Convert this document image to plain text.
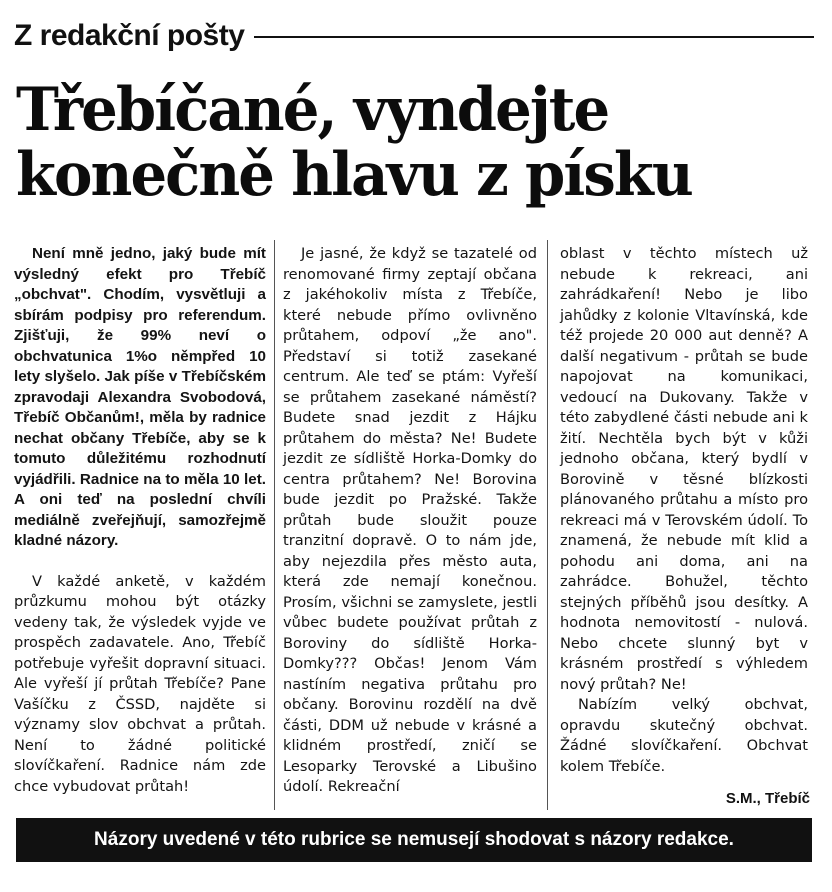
Z redakční pošty
Třebíčané, vyndejte
konečně hlavu z písku

Není mně jedno, jaký bude mít výsledný efekt pro Třebíč „obchvat". Chodím, vysvětluji a sbírám podpisy pro referendum. Zjišťuji, že 99% neví o obchvatunica 1%o němpřed 10 lety slyšelo. Jak píše v Třebíčském zpravodaji Alexandra Svobodová, Třebíč Občanům!, měla by radnice nechat občany Třebíče, aby se k tomuto důležitému rozhodnutí vyjádřili. Radnice na to měla 10 let. A oni teď na poslední chvíli mediálně zveřejňují, samozřejmě kladné názory.

V každé anketě, v každém průzkumu mohou být otázky vedeny tak, že výsledek vyjde ve prospěch zadavatele. Ano, Třebíč potřebuje vyřešit dopravní situaci. Ale vyřeší jí průtah Třebíče? Pane Vašíčku z ČSSD, najděte si významy slov obchvat a průtah. Není to žádné politické slovíčkaření. Radnice nám zde chce vybudovat průtah!

Je jasné, že když se tazatelé od renomované firmy zeptají občana z jakéhokoliv místa z Třebíče, které nebude přímo ovlivněno průtahem, odpoví „že ano". Představí si totiž zasekané centrum. Ale teď se ptám: Vyřeší se průtahem zasekané náměstí? Budete snad jezdit z Hájku průtahem do města? Ne! Budete jezdit ze sídliště Horka-Domky do centra průtahem? Ne! Borovina bude jezdit po Pražské. Takže průtah bude sloužit pouze tranzitní dopravě. O to nám jde, aby nejezdila přes město auta, která zde nemají konečnou. Prosím, všichni se zamyslete, jestli vůbec budete používat průtah z Boroviny do sídliště Horka-Domky??? Občas! Jenom Vám nastíním negativa průtahu pro občany. Borovinu rozdělí na dvě části, DDM už nebude v krásné a klidném prostředí, zničí se Lesoparky Terovské a Libušino údolí. Rekreační

oblast v těchto místech už nebude k rekreaci, ani zahrádkaření! Nebo je libo jahůdky z kolonie Vltavínská, kde též projede 20 000 aut denně? A další negativum - průtah se bude napojovat na komunikaci, vedoucí na Dukovany. Takže v této zabydlené části nebude ani k žití. Nechtěla bych být v kůži jednoho občana, který bydlí v Borovině v těsné blízkosti plánovaného průtahu a místo pro rekreaci má v Terovském údolí. To znamená, že nebude mít klid a pohodu ani doma, ani na zahrádce. Bohužel, těchto stejných příběhů jsou desítky. A hodnota nemovitostí - nulová. Nebo chcete slunný byt v krásném prostředí s výhledem nový průtah? Ne!

Nabízím velký obchvat, opravdu skutečný obchvat. Žádné slovíčkaření. Obchvat kolem Třebíče.

S.M., Třebíč
Názory uvedené v této rubrice se nemusejí shodovat s názory redakce.
